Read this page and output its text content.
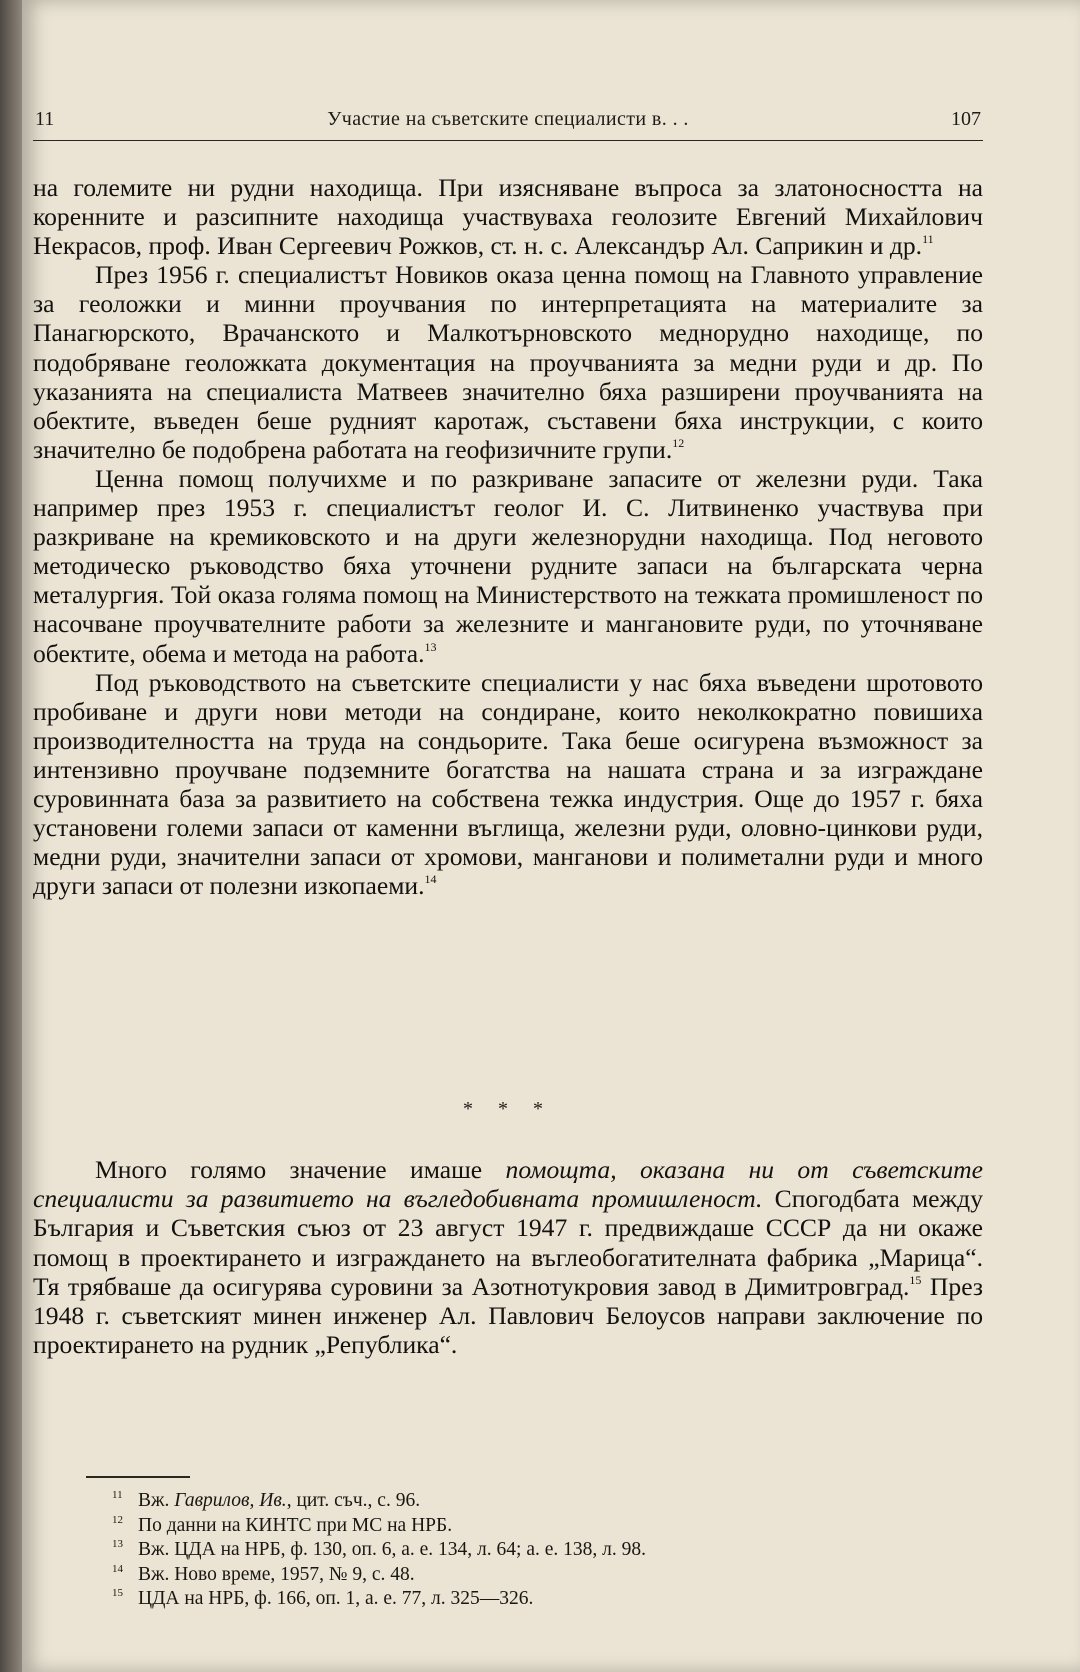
11	Участие на съветските специалисти в. . .	107

на големите ни рудни находища. При изясняване въпроса за златоносността на коренните и разсипните находища участвуваха геолозите Евгений Михайлович Некрасов, проф. Иван Сергеевич Рожков, ст. н. с. Александър Ал. Саприкин и др.$^{11}$

През 1956 г. специалистът Новиков оказа ценна помощ на Главното управление за геоложки и минни проучвания по интерпретацията на материалите за Панагюрското, Врачанското и Малкотърновското меднорудно находище, по подобряване геоложката документация на проучванията за медни руди и др. По указанията на специалиста Матвеев значително бяха разширени проучванията на обектите, въведен беше рудният каротаж, съставени бяха инструкции, с които значително бе подобрена работата на геофизичните групи.$^{12}$

Ценна помощ получихме и по разкриване запасите от железни руди. Така например през 1953 г. специалистът геолог И. С. Литвиненко участвува при разкриване на кремиковското и на други железнорудни находища. Под неговото методическо ръководство бяха уточнени рудните запаси на българската черна металургия. Той оказа голяма помощ на Министерството на тежката промишленост по насочване проучвателните работи за железните и мангановите руди, по уточняване обектите, обема и метода на работа.$^{13}$

Под ръководството на съветските специалисти у нас бяха въведени шротовото пробиване и други нови методи на сондиране, които неколкократно повишиха производителността на труда на сондьорите. Така беше осигурена възможност за интензивно проучване подземните богатства на нашата страна и за изграждане суровинната база за развитието на собствена тежка индустрия. Още до 1957 г. бяха установени големи запаси от каменни въглища, железни руди, оловно-цинкови руди, медни руди, значителни запаси от хромови, манганови и полиметални руди и много други запаси от полезни изкопаеми.$^{14}$

* * *

Много голямо значение имаше помощта, оказана ни от съветските специалисти за развитието на въгледобивната промишленост. Спогодбата между България и Съветския съюз от 23 август 1947 г. предвиждаше СССР да ни окаже помощ в проектирането и изграждането на въглеобогатителната фабрика „Марица“. Тя трябваше да осигурява суровини за Азотнотукровия завод в Димитровград.$^{15}$ През 1948 г. съветският минен инженер Ал. Павлович Белоусов направи заключение по проектирането на рудник „Република“.

11 Вж. Гаврилов, Ив., цит. съч., с. 96.
12 По данни на КИНТС при МС на НРБ.
13 Вж. ЦДА на НРБ, ф. 130, оп. 6, а. е. 134, л. 64; а. е. 138, л. 98.
14 Вж. Ново време, 1957, № 9, с. 48.
15 ЦДА на НРБ, ф. 166, оп. 1, а. е. 77, л. 325—326.
